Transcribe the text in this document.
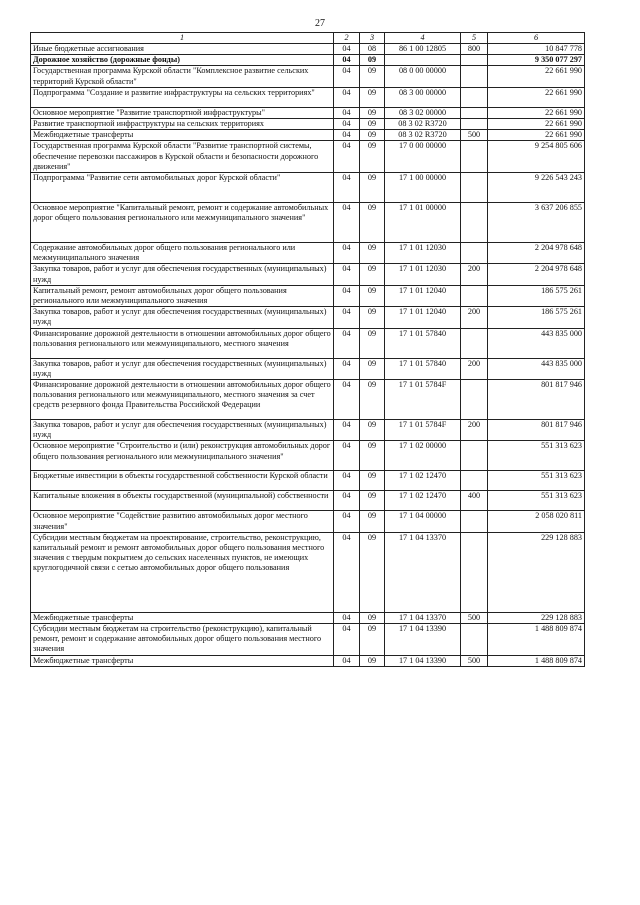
27
1	2	3	4	5	6
Иные бюджетные ассигнования	04	08	86 1 00 12805	800	10 847 778
Дорожное хозяйство (дорожные фонды)	04	09			9 350 077 297
Государственная программа Курской области "Комплексное развитие сельских территорий Курской области"	04	09	08 0 00 00000		22 661 990
Подпрограмма "Создание и развитие инфраструктуры на сельских территориях"	04	09	08 3 00 00000		22 661 990
Основное мероприятие "Развитие транспортной инфраструктуры"	04	09	08 3 02 00000		22 661 990
Развитие транспортной инфраструктуры на сельских территориях	04	09	08 3 02 R3720		22 661 990
Межбюджетные трансферты	04	09	08 3 02 R3720	500	22 661 990
Государственная программа Курской области "Развитие транспортной системы, обеспечение перевозки пассажиров в Курской области и безопасности дорожного движения"	04	09	17 0 00 00000		9 254 805 606
Подпрограмма "Развитие сети автомобильных дорог Курской области"	04	09	17 1 00 00000		9 226 543 243
Основное мероприятие "Капитальный ремонт, ремонт и содержание автомобильных дорог общего пользования регионального или межмуниципального значения"	04	09	17 1 01 00000		3 637 206 855
Содержание автомобильных дорог общего пользования регионального или межмуниципального значения	04	09	17 1 01 12030		2 204 978 648
Закупка товаров, работ и услуг для обеспечения государственных (муниципальных) нужд	04	09	17 1 01 12030	200	2 204 978 648
Капитальный ремонт, ремонт автомобильных дорог общего пользования регионального или межмуниципального значения	04	09	17 1 01 12040		186 575 261
Закупка товаров, работ и услуг для обеспечения государственных (муниципальных) нужд	04	09	17 1 01 12040	200	186 575 261
Финансирование дорожной деятельности в отношении автомобильных дорог общего пользования регионального или межмуниципального, местного значения	04	09	17 1 01 57840		443 835 000
Закупка товаров, работ и услуг для обеспечения государственных (муниципальных) нужд	04	09	17 1 01 57840	200	443 835 000
Финансирование дорожной деятельности в отношении автомобильных дорог общего пользования регионального или межмуниципального, местного значения за счет средств резервного фонда Правительства Российской Федерации	04	09	17 1 01 5784F		801 817 946
Закупка товаров, работ и услуг для обеспечения государственных (муниципальных) нужд	04	09	17 1 01 5784F	200	801 817 946
Основное мероприятие "Строительство и (или) реконструкция автомобильных дорог общего пользования регионального или межмуниципального значения"	04	09	17 1 02 00000		551 313 623
Бюджетные инвестиции в объекты государственной собственности Курской области	04	09	17 1 02 12470		551 313 623
Капитальные вложения в объекты государственной (муниципальной) собственности	04	09	17 1 02 12470	400	551 313 623
Основное мероприятие "Содействие развитию автомобильных дорог местного значения"	04	09	17 1 04 00000		2 058 020 811
Субсидии местным бюджетам на проектирование, строительство, реконструкцию, капитальный ремонт и ремонт автомобильных дорог общего пользования местного значения с твердым покрытием до сельских населенных пунктов, не имеющих круглогодичной связи с сетью автомобильных дорог общего пользования	04	09	17 1 04 13370		229 128 883
Межбюджетные трансферты	04	09	17 1 04 13370	500	229 128 883
Субсидии местным бюджетам на строительство (реконструкцию), капитальный ремонт, ремонт и содержание автомобильных дорог общего пользования местного значения	04	09	17 1 04 13390		1 488 809 874
Межбюджетные трансферты	04	09	17 1 04 13390	500	1 488 809 874
